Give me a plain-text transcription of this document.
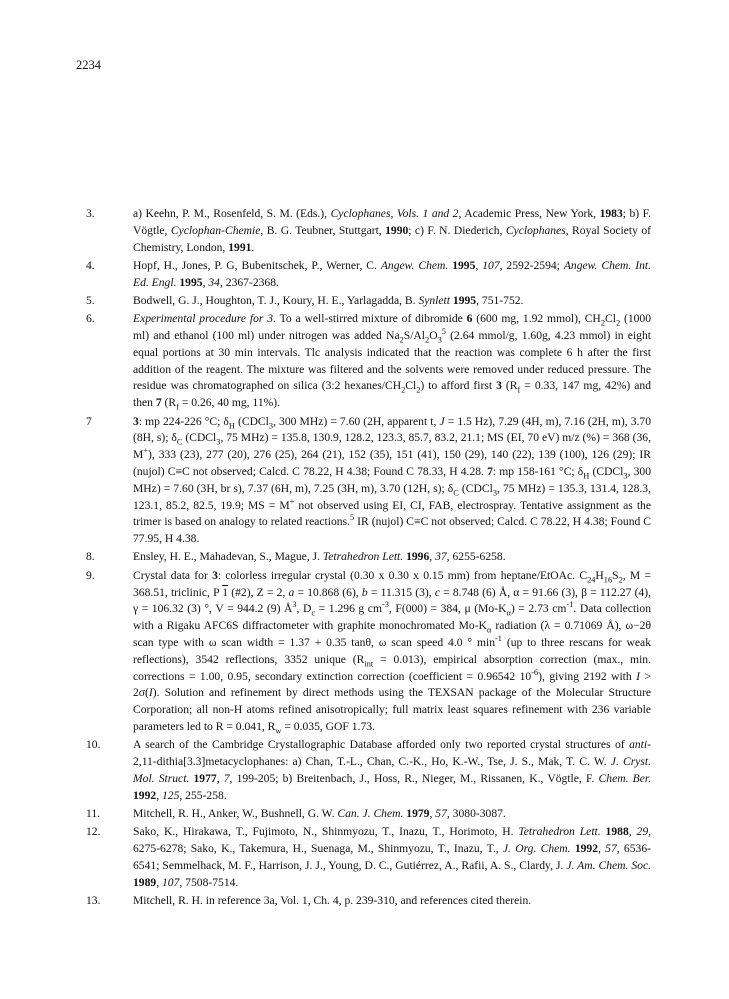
2234
3.	a) Keehn, P. M., Rosenfeld, S. M. (Eds.), Cyclophanes, Vols. 1 and 2, Academic Press, New York, 1983; b) F. Vögtle, Cyclophan-Chemie, B. G. Teubner, Stuttgart, 1990; c) F. N. Diederich, Cyclophanes, Royal Society of Chemistry, London, 1991.
4.	Hopf, H., Jones, P. G, Bubenitschek, P., Werner, C. Angew. Chem. 1995, 107, 2592-2594; Angew. Chem. Int. Ed. Engl. 1995, 34, 2367-2368.
5.	Bodwell, G. J., Houghton, T. J., Koury, H. E., Yarlagadda, B. Synlett 1995, 751-752.
6.	Experimental procedure for 3. To a well-stirred mixture of dibromide 6 (600 mg, 1.92 mmol), $CH_2Cl_2$ (1000 ml) and ethanol (100 ml) under nitrogen was added $Na_2S/Al_2O_3^5$ (2.64 mmol/g, 1.60g, 4.23 mmol) in eight equal portions at 30 min intervals. Tlc analysis indicated that the reaction was complete 6 h after the first addition of the reagent. The mixture was filtered and the solvents were removed under reduced pressure. The residue was chromatographed on silica (3:2 hexanes/$CH_2Cl_2$) to afford first 3 ($R_f = 0.33$, 147 mg, 42%) and then 7 ($R_f = 0.26$, 40 mg, 11%).
7	3: mp 224-226 °C; $\delta_H$ (CDCl$_3$, 300 MHz) = 7.60 (2H, apparent t, J = 1.5 Hz), 7.29 (4H, m), 7.16 (2H, m), 3.70 (8H, s); $\delta_C$ (CDCl$_3$, 75 MHz) = 135.8, 130.9, 128.2, 123.3, 85.7, 83.2, 21.1; MS (EI, 70 eV) m/z (%) = 368 (36, M+), 333 (23), 277 (20), 276 (25), 264 (21), 152 (35), 151 (41), 150 (29), 140 (22), 139 (100), 126 (29); IR (nujol) C≡C not observed; Calcd. C 78.22, H 4.38; Found C 78.33, H 4.28. 7: mp 158-161 °C; $\delta_H$ (CDCl$_3$, 300 MHz) = 7.60 (3H, br s), 7.37 (6H, m), 7.25 (3H, m), 3.70 (12H, s); $\delta_C$ (CDCl$_3$, 75 MHz) = 135.3, 131.4, 128.3, 123.1, 85.2, 82.5, 19.9; MS = M+ not observed using EI, CI, FAB, electrospray. Tentative assignment as the trimer is based on analogy to related reactions.$^5$ IR (nujol) C≡C not observed; Calcd. C 78.22, H 4.38; Found C 77.95, H 4.38.
8.	Ensley, H. E., Mahadevan, S., Mague, J. Tetrahedron Lett. 1996, 37, 6255-6258.
9.	Crystal data for 3: colorless irregular crystal (0.30 x 0.30 x 0.15 mm) from heptane/EtOAc. $C_{24}H_{16}S_2$, M = 368.51, triclinic, P 1 (#2), Z = 2, a = 10.868 (6), b = 11.315 (3), c = 8.748 (6) Å, α = 91.66 (3), β = 112.27 (4), γ = 106.32 (3) °, V = 944.2 (9) $Å^3$, $D_c = 1.296$ g $cm^{-3}$, F(000) = 384, μ $(Mo-K_\alpha) = 2.73$ $cm^{-1}$. Data collection with a Rigaku AFC6S diffractometer with graphite monochromated $Mo-K_\alpha$ radiation (λ = 0.71069 Å), ω−2θ scan type with ω scan width = 1.37 + 0.35 tanθ, ω scan speed 4.0 ° $\min^{-1} (up$ to three rescans for weak reflections), 3542 reflections, 3352 unique $(R_{int} = 0.013)$, empirical absorption correction (max., min. corrections = 1.00, 0.95, secondary extinction correction (coefficient = 0.96542 $10^{-6}$), giving 2192 with I > 2σ(I). Solution and refinement by direct methods using the TEXSAN package of the Molecular Structure Corporation; all non-H atoms refined anisotropically; full matrix least squares refinement with 236 variable parameters led to R = 0.041, $R_w = 0.035$, GOF 1.73.
10.	A search of the Cambridge Crystallographic Database afforded only two reported crystal structures of anti-2,11-dithia[3.3]metacyclophanes: a) Chan, T.-L., Chan, C.-K., Ho, K.-W., Tse, J. S., Mak, T. C. W. J. Cryst. Mol. Struct. 1977, 7, 199-205; b) Breitenbach, J., Hoss, R., Nieger, M., Rissanen, K., Vögtle, F. Chem. Ber. 1992, 125, 255-258.
11.	Mitchell, R. H., Anker, W., Bushnell, G. W. Can. J. Chem. 1979, 57, 3080-3087.
12.	Sako, K., Hirakawa, T., Fujimoto, N., Shinmyozu, T., Inazu, T., Horimoto, H. Tetrahedron Lett. 1988, 29, 6275-6278; Sako, K., Takemura, H., Suenaga, M., Shinmyozu, T., Inazu, T., J. Org. Chem. 1992, 57, 6536-6541; Semmelhack, M. F., Harrison, J. J., Young, D. C., Gutiérrez, A., Rafii, A. S., Clardy, J. J. Am. Chem. Soc. 1989, 107, 7508-7514.
13.	Mitchell, R. H. in reference 3a, Vol. 1, Ch. 4, p. 239-310, and references cited therein.
